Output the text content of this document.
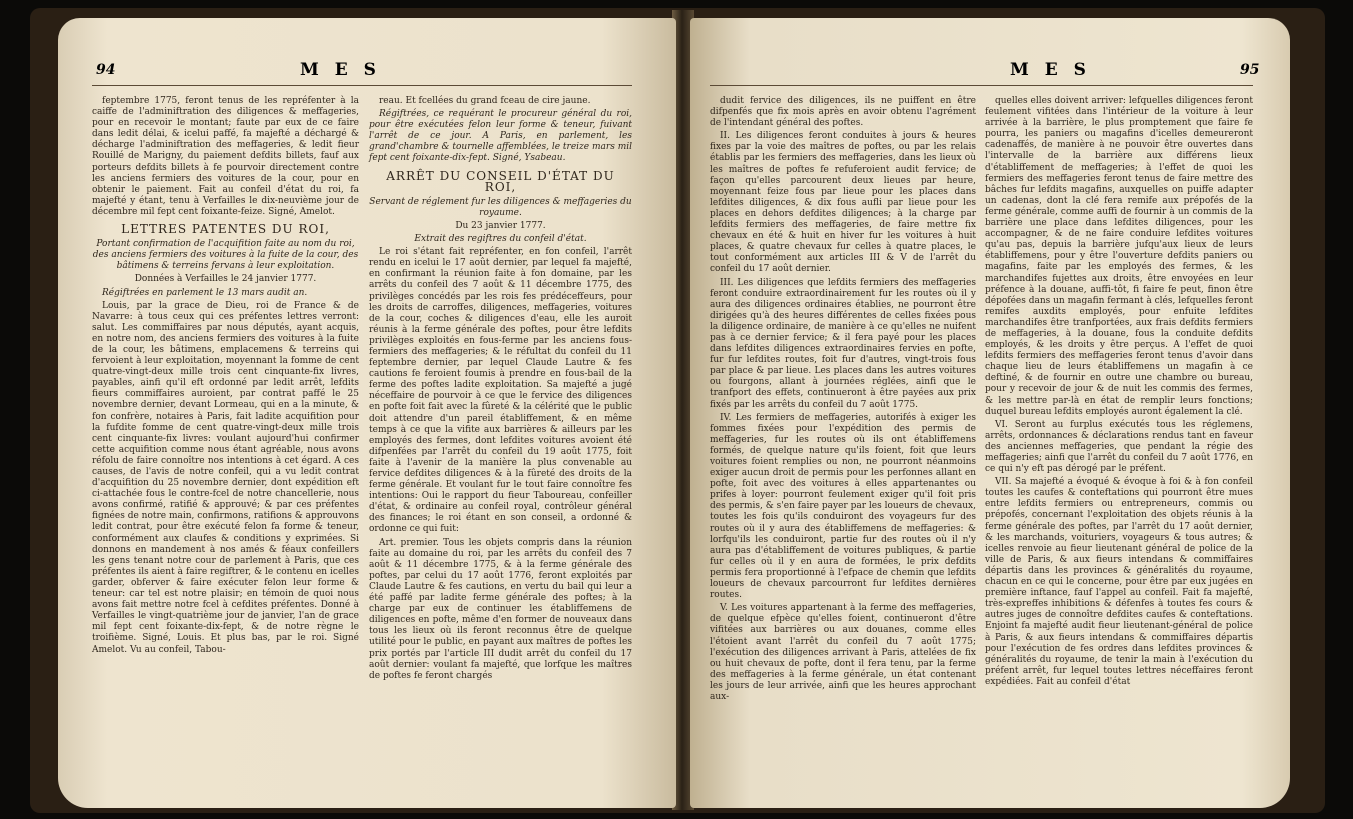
94	M E S	M E S	95

feptembre 1775, feront tenus de les repréfenter à la caiffe de l'adminiftration des diligences & meffageries, pour en recevoir le montant; faute par eux de ce faire dans ledit délai, & icelui paffé, fa majefté a déchargé & décharge l'adminiftration des meffageries, & ledit fieur Rouillé de Marigny, du paiement defdits billets, fauf aux porteurs defdits billets à fe pourvoir directement contre les anciens fermiers des voitures de la cour, pour en obtenir le paiement. Fait au confeil d'état du roi, fa majefté y étant, tenu à Verfailles le dix-neuvième jour de décembre mil fept cent foixante-feize. Signé, Amelot.

LETTRES PATENTES DU ROI,

Portant confirmation de l'acquifition faite au nom du roi, des anciens fermiers des voitures à la fuite de la cour, des bâtimens & terreins fervans à leur exploitation.

Données à Verfailles le 24 janvier 1777.

Régiftrées en parlement le 13 mars audit an.

Louis, par la grace de Dieu, roi de France & de Navarre: à tous ceux qui ces préfentes lettres verront: salut. Les commiffaires par nous députés, ayant acquis, en notre nom, des anciens fermiers des voitures à la fuite de la cour, les bâtimens, emplacemens & terreins qui fervoient à leur exploitation, moyennant la fomme de cent quatre-vingt-deux mille trois cent cinquante-fix livres, payables, ainfi qu'il eft ordonné par ledit arrêt, lefdits fieurs commiffaires auroient, par contrat paffé le 25 novembre dernier, devant Lormeau, qui en a la minute, & fon confrère, notaires à Paris, fait ladite acquifition pour la fufdite fomme de cent quatre-vingt-deux mille trois cent cinquante-fix livres: voulant aujourd'hui confirmer cette acquifition comme nous étant agréable, nous avons réfolu de faire connoître nos intentions à cet égard. A ces causes, de l'avis de notre confeil, qui a vu ledit contrat d'acquifition du 25 novembre dernier, dont expédition eft ci-attachée fous le contre-fcel de notre chancellerie, nous avons confirmé, ratifié & approuvé; & par ces préfentes fignées de notre main, confirmons, ratifions & approuvons ledit contrat, pour être exécuté felon fa forme & teneur, conformément aux claufes & conditions y exprimées. Si donnons en mandement à nos amés & féaux confeillers les gens tenant notre cour de parlement à Paris, que ces préfentes ils aient à faire regiftrer, & le contenu en icelles garder, obferver & faire exécuter felon leur forme & teneur: car tel est notre plaisir; en témoin de quoi nous avons fait mettre notre fcel à cefdites préfentes. Donné à Verfailles le vingt-quatrième jour de janvier, l'an de grace mil fept cent foixante-dix-fept, & de notre règne le troifième. Signé, Louis. Et plus bas, par le roi. Signé Amelot. Vu au confeil, Tabou-

reau. Et fcellées du grand fceau de cire jaune.

Régiftrées, ce requérant le procureur général du roi, pour être exécutées felon leur forme & teneur, fuivant l'arrêt de ce jour. A Paris, en parlement, les grand'chambre & tournelle affemblées, le treize mars mil fept cent foixante-dix-fept. Signé, Ysabeau.

ARRÊT DU CONSEIL D'ÉTAT DU ROI,

Servant de réglement fur les diligences & meffageries du royaume.

Du 23 janvier 1777.

Extrait des regiftres du confeil d'état.

Le roi s'étant fait repréfenter, en fon confeil, l'arrêt rendu en icelui le 17 août dernier, par lequel fa majefté, en confirmant la réunion faite à fon domaine, par les arrêts du confeil des 7 août & 11 décembre 1775, des privilèges concédés par les rois fes prédéceffeurs, pour les droits de carroffes, diligences, meffageries, voitures de la cour, coches & diligences d'eau, elle les auroit réunis à la ferme générale des poftes, pour être lefdits privilèges exploités en fous-ferme par les anciens fous-fermiers des meffageries; & le réfultat du confeil du 11 feptembre dernier, par lequel Claude Lautre & fes cautions fe feroient foumis à prendre en fous-bail de la ferme des poftes ladite exploitation. Sa majefté a jugé néceffaire de pourvoir à ce que le fervice des diligences en pofte foit fait avec la fûreté & la célérité que le public doit attendre d'un pareil établiffement, & en même temps à ce que la vifite aux barrières & ailleurs par les employés des fermes, dont lefdites voitures avoient été difpenfées par l'arrêt du confeil du 19 août 1775, foit faite à l'avenir de la manière la plus convenable au fervice defdites diligences & à la fûreté des droits de la ferme générale. Et voulant fur le tout faire connoître fes intentions: Oui le rapport du fieur Taboureau, confeiller d'état, & ordinaire au confeil royal, contrôleur général des finances; le roi étant en son conseil, a ordonné & ordonne ce qui fuit:

Art. premier. Tous les objets compris dans la réunion faite au domaine du roi, par les arrêts du confeil des 7 août & 11 décembre 1775, & à la ferme générale des poftes, par celui du 17 août 1776, feront exploités par Claude Lautre & fes cautions, en vertu du bail qui leur a été paffé par ladite ferme générale des poftes; à la charge par eux de continuer les établiffemens de diligences en pofte, même d'en former de nouveaux dans tous les lieux où ils feront reconnus être de quelque utilité pour le public, en payant aux maîtres de poftes les prix portés par l'article III dudit arrêt du confeil du 17 août dernier: voulant fa majefté, que lorfque les maîtres de poftes fe feront chargés

dudit fervice des diligences, ils ne puiffent en être difpenfés que fix mois après en avoir obtenu l'agrément de l'intendant général des poftes.

II. Les diligences feront conduites à jours & heures fixes par la voie des maîtres de poftes, ou par les relais établis par les fermiers des meffageries, dans les lieux où les maîtres de poftes fe refuferoient audit fervice; de façon qu'elles parcourent deux lieues par heure, moyennant feize fous par lieue pour les places dans lefdites diligences, & dix fous aufli par lieue pour les places en dehors defdites diligences; à la charge par lefdits fermiers des meffageries, de faire mettre fix chevaux en été & huit en hiver fur les voitures à huit places, & quatre chevaux fur celles à quatre places, le tout conformément aux articles III & V de l'arrêt du confeil du 17 août dernier.

III. Les diligences que lefdits fermiers des meffageries feront conduire extraordinairement fur les routes où il y aura des diligences ordinaires établies, ne pourront être dirigées qu'à des heures différentes de celles fixées pous la diligence ordinaire, de manière à ce qu'elles ne nuifent pas à ce dernier fervice; & il fera payé pour les places dans lefdites diligences extraordinaires fervies en pofte, fur fur lefdites routes, foit fur d'autres, vingt-trois fous par place & par lieue. Les places dans les autres voitures ou fourgons, allant à journées réglées, ainfi que le tranfport des effets, continueront à être payées aux prix fixés par les arrêts du confeil du 7 août 1775.

IV. Les fermiers de meffageries, autorifés à exiger les fommes fixées pour l'expédition des permis de meffageries, fur les routes où ils ont établiffemens formés, de quelque nature qu'ils foient, foit que leurs voitures foient remplies ou non, ne pourront néanmoins exiger aucun droit de permis pour les perfonnes allant en pofte, foit avec des voitures à elles appartenantes ou prifes à loyer: pourront feulement exiger qu'il foit pris des permis, & s'en faire payer par les loueurs de chevaux, toutes les fois qu'ils conduiront des voyageurs fur des routes où il y aura des établiffemens de meffageries: & lorfqu'ils les conduiront, partie fur des routes où il n'y aura pas d'établiffement de voitures publiques, & partie fur celles où il y en aura de formées, le prix defdits permis fera proportionné à l'efpace de chemin que lefdits loueurs de chevaux parcourront fur lefdites dernières routes.

V. Les voitures appartenant à la ferme des meffageries, de quelque efpèce qu'elles foient, continueront d'être vifitées aux barrières ou aux douanes, comme elles l'étoient avant l'arrêt du confeil du 7 août 1775; l'exécution des diligences arrivant à Paris, attelées de fix ou huit chevaux de pofte, dont il fera tenu, par la ferme des meffageries à la ferme générale, un état contenant les jours de leur arrivée, ainfi que les heures approchant aux-

quelles elles doivent arriver: lefquelles diligences feront feulement vifitées dans l'intérieur de la voiture à leur arrivée à la barrière, le plus promptement que faire fe pourra, les paniers ou magafins d'icelles demeureront cadenaffés, de manière à ne pouvoir être ouvertes dans l'intervalle de la barrière aux différens lieux d'établiffement de meffageries; à l'effet de quoi les fermiers des meffageries feront tenus de faire mettre des bâches fur lefdits magafins, auxquelles on puiffe adapter un cadenas, dont la clé fera remife aux prépofés de la ferme générale, comme auffi de fournir à un commis de la barrière une place dans lefdites diligences, pour les accompagner, & de ne faire conduire lefdites voitures qu'au pas, depuis la barrière jufqu'aux lieux de leurs établiffemens, pour y être l'ouverture defdits paniers ou magafins, faite par les employés des fermes, & les marchandifes fujettes aux droits, être envoyées en leur préfence à la douane, auffi-tôt, fi faire fe peut, finon être dépofées dans un magafin fermant à clés, lefquelles feront remifes auxdits employés, pour enfuite lefdites marchandifes être tranfportées, aux frais defdits fermiers de meffageries, à la douane, fous la conduite defdits employés, & les droits y être perçus. A l'effet de quoi lefdits fermiers des meffageries feront tenus d'avoir dans chaque lieu de leurs établiffemens un magafin à ce deftiné, & de fournir en outre une chambre ou bureau, pour y recevoir de jour & de nuit les commis des fermes, & les mettre par-là en état de remplir leurs fonctions; duquel bureau lefdits employés auront également la clé.

VI. Seront au furplus exécutés tous les réglemens, arrêts, ordonnances & déclarations rendus tant en faveur des anciennes meffageries, que pendant la régie des meffageries; ainfi que l'arrêt du confeil du 7 août 1776, en ce qui n'y eft pas dérogé par le préfent.

VII. Sa majefté a évoqué & évoque à foi & à fon confeil toutes les caufes & conteftations qui pourront être mues entre lefdits fermiers ou entrepreneurs, commis ou prépofés, concernant l'exploitation des objets réunis à la ferme générale des poftes, par l'arrêt du 17 août dernier, & les marchands, voituriers, voyageurs & tous autres; & icelles renvoie au fieur lieutenant général de police de la ville de Paris, & aux fieurs intendans & commiffaires départis dans les provinces & généralités du royaume, chacun en ce qui le concerne, pour être par eux jugées en première inftance, fauf l'appel au confeil. Fait fa majefté, très-expreffes inhibitions & défenfes à toutes fes cours & autres juges de connoître defdites caufes & conteftations. Enjoint fa majefté audit fieur lieutenant-général de police à Paris, & aux fieurs intendans & commiffaires départis pour l'exécution de fes ordres dans lefdites provinces & généralités du royaume, de tenir la main à l'exécution du préfent arrêt, fur lequel toutes lettres néceffaires feront expédiées. Fait au confeil d'état
